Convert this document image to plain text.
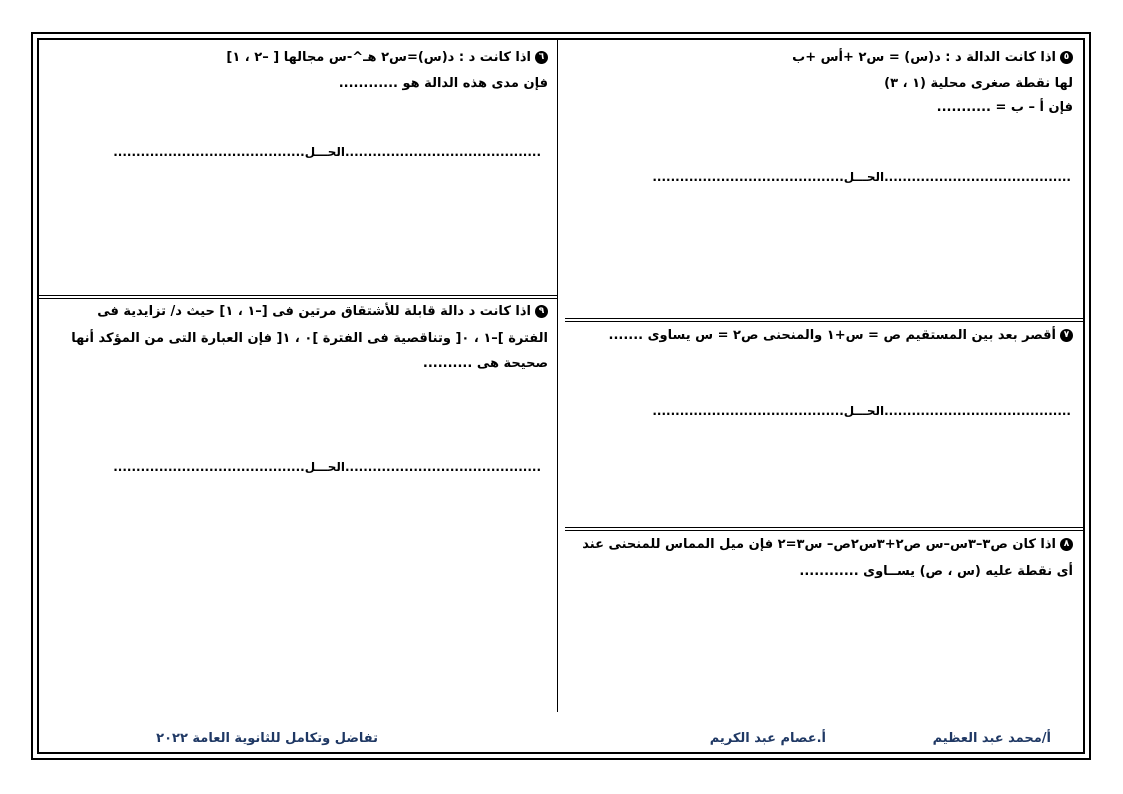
٥اذا كانت الدالة د : د(س) = س٢ +أس +ب
لها نقطة صغرى محلية (١ ، ٣)
فإن أ – ب = ...........
.........................................الحـــل..........................................
٦اذا كانت د : د(س)=س٢ هـ^-س مجالها [ –٢ ، ١]
فإن مدى هذه الدالة هو ............
...........................................الحـــل..........................................
٩اذا كانت د دالة قابلة للأشتقاق مرتين فى [–١ ، ١] حيث د/ تزايدية فى
الفترة ]–١ ، ٠[ وتناقصية فى الفترة ]٠ ، ١[ فإن العبارة التى من المؤكد أنها
صحيحة هى ..........
...........................................الحـــل..........................................
٧أقصر بعد بين المستقيم ص = س+١ والمنحنى ص٢ = س يساوى .......
.........................................الحـــل..........................................
٨اذا كان ص٣–٣س–س ص٢+٣س٢ص– س٣=٢ فإن ميل المماس للمنحنى عند
أى نقطة عليه (س ، ص) يســاوى ............
أ/محمد عبد العظيم
أ.عصام عبد الكريم
تفاضل وتكامل للثانوية العامة ٢٠٢٢
